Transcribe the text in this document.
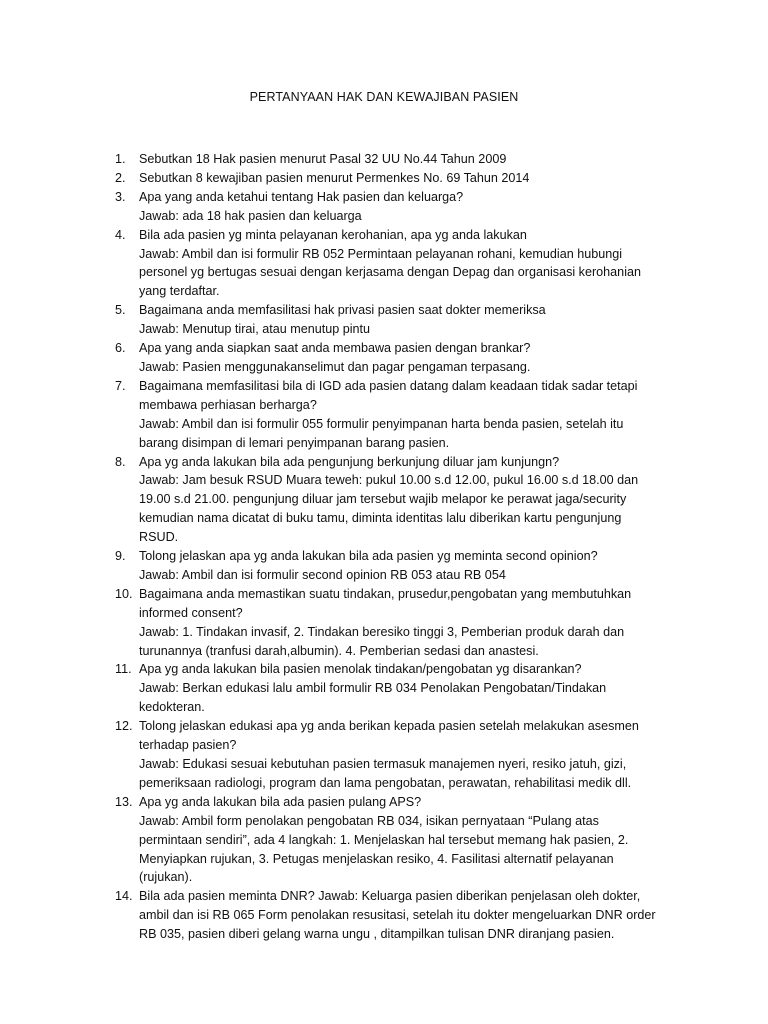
PERTANYAAN HAK DAN KEWAJIBAN PASIEN
1.	Sebutkan 18 Hak pasien menurut Pasal 32 UU No.44 Tahun 2009
2.	Sebutkan 8 kewajiban pasien menurut Permenkes No. 69 Tahun 2014
3.	Apa yang anda ketahui tentang Hak pasien dan keluarga?
Jawab: ada 18 hak pasien dan keluarga
4.	Bila ada pasien yg minta pelayanan kerohanian, apa yg anda lakukan
Jawab: Ambil dan isi formulir RB 052 Permintaan pelayanan rohani, kemudian hubungi personel yg bertugas sesuai dengan kerjasama dengan Depag dan organisasi kerohanian yang terdaftar.
5.	Bagaimana anda memfasilitasi hak privasi pasien saat dokter memeriksa
Jawab: Menutup tirai, atau menutup pintu
6.	Apa yang anda siapkan saat anda membawa pasien dengan brankar?
Jawab: Pasien menggunakanselimut dan pagar pengaman terpasang.
7.	Bagaimana memfasilitasi bila di IGD ada pasien datang dalam keadaan tidak sadar tetapi membawa perhiasan berharga?
Jawab: Ambil dan isi formulir 055 formulir penyimpanan harta benda pasien, setelah itu barang disimpan di lemari penyimpanan barang pasien.
8.	Apa yg anda lakukan bila ada pengunjung berkunjung diluar jam kunjungn?
Jawab: Jam besuk RSUD Muara teweh: pukul 10.00 s.d 12.00, pukul 16.00 s.d 18.00 dan 19.00 s.d 21.00. pengunjung diluar jam tersebut wajib melapor ke perawat jaga/security kemudian nama dicatat di buku tamu, diminta identitas lalu diberikan kartu pengunjung RSUD.
9.	Tolong jelaskan apa yg anda lakukan bila ada pasien yg meminta second opinion?
Jawab: Ambil dan isi formulir second opinion RB 053 atau RB 054
10. Bagaimana anda memastikan suatu tindakan, prusedur,pengobatan yang membutuhkan informed consent?
Jawab: 1. Tindakan invasif, 2. Tindakan beresiko tinggi 3, Pemberian produk darah dan turunannya (tranfusi darah,albumin). 4. Pemberian sedasi dan anastesi.
11. Apa yg anda lakukan bila pasien menolak tindakan/pengobatan yg disarankan?
Jawab: Berkan edukasi lalu ambil formulir RB 034 Penolakan Pengobatan/Tindakan kedokteran.
12. Tolong jelaskan edukasi apa yg anda berikan kepada pasien setelah melakukan asesmen terhadap pasien?
Jawab: Edukasi sesuai kebutuhan pasien termasuk manajemen nyeri, resiko jatuh, gizi, pemeriksaan radiologi, program dan lama pengobatan, perawatan, rehabilitasi medik dll.
13. Apa yg anda lakukan bila ada pasien pulang APS?
Jawab: Ambil form penolakan pengobatan RB 034, isikan pernyataan “Pulang atas permintaan sendiri”, ada 4 langkah: 1. Menjelaskan hal tersebut memang hak pasien, 2. Menyiapkan rujukan, 3. Petugas menjelaskan resiko, 4. Fasilitasi alternatif pelayanan (rujukan).
14. Bila ada pasien meminta DNR? Jawab: Keluarga pasien diberikan penjelasan oleh dokter, ambil dan isi RB 065 Form penolakan resusitasi, setelah itu dokter mengeluarkan DNR order RB 035, pasien diberi gelang warna ungu , ditampilkan tulisan DNR diranjang pasien.
